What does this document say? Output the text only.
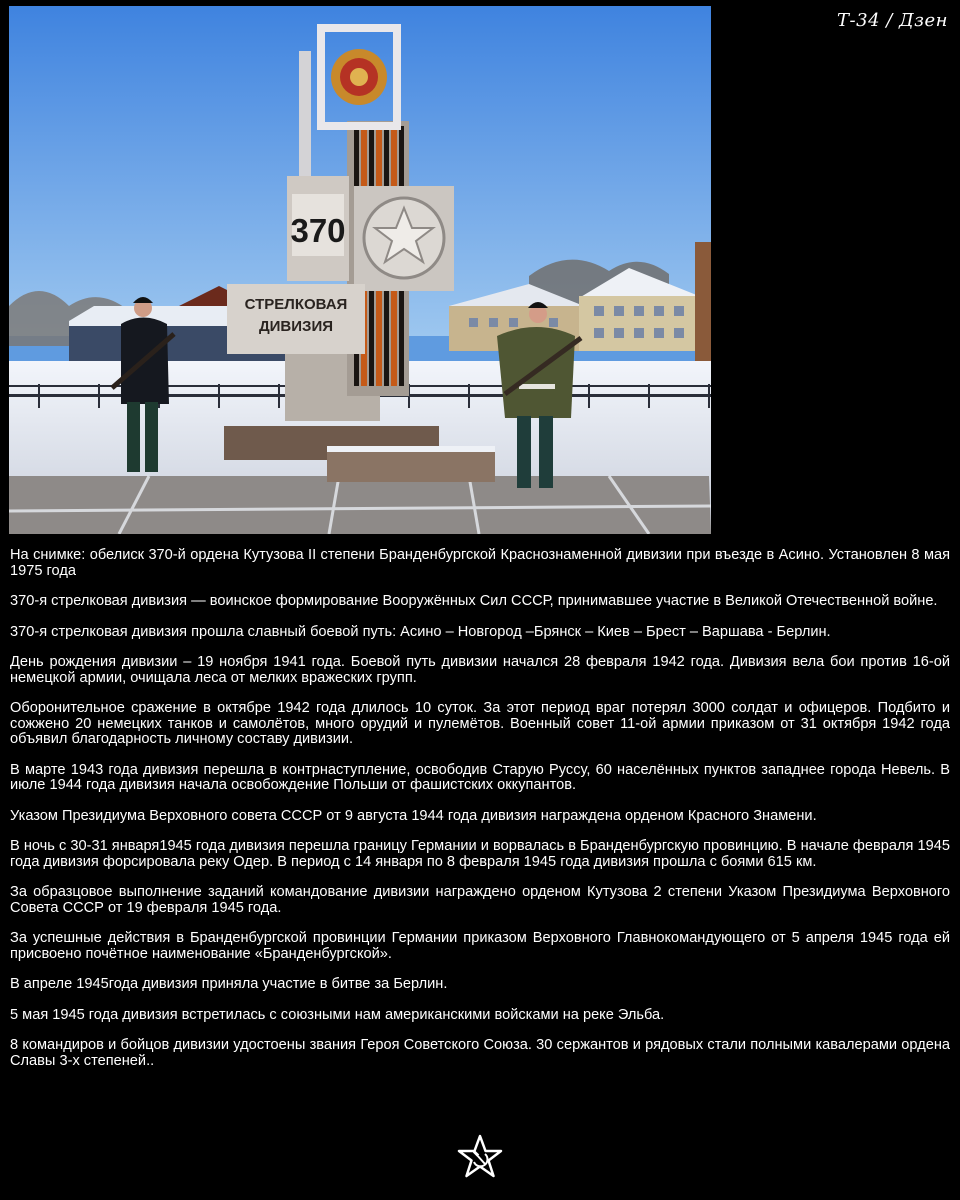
370
СТРЕЛКОВАЯ
ДИВИЗИЯ
Т-34 / Дзен

На снимке: обелиск 370-й ордена Кутузова II степени Бранденбургской Краснознаменной дивизии при въезде в Асино. Установлен 8 мая 1975 года

370-я стрелковая дивизия — воинское формирование Вооружённых Сил СССР, принимавшее участие в Великой Отечественной войне.

370-я стрелковая дивизия прошла славный боевой путь: Асино – Новгород –Брянск – Киев – Брест – Варшава - Берлин.

День рождения дивизии – 19 ноября 1941 года. Боевой путь дивизии начался 28 февраля 1942 года. Дивизия вела бои против 16-ой немецкой армии, очищала леса от мелких вражеских групп.

Оборонительное сражение в октябре 1942 года длилось 10 суток. За этот период враг потерял 3000 солдат и офицеров. Подбито и сожжено 20 немецких танков и самолётов, много орудий и пулемётов. Военный совет 11-ой армии приказом от 31 октября 1942 года объявил благодарность личному составу дивизии.

В марте 1943 года дивизия перешла в контрнаступление, освободив Старую Руссу, 60 населённых пунктов западнее города Невель. В июле 1944 года дивизия начала освобождение Польши от фашистских оккупантов.

Указом Президиума Верховного совета СССР от 9 августа 1944 года дивизия награждена орденом Красного Знамени.

В ночь с 30-31 января1945 года дивизия перешла границу Германии и ворвалась в Бранденбургскую провинцию. В начале февраля 1945 года дивизия форсировала реку Одер. В период с 14 января по 8 февраля 1945 года дивизия прошла с боями 615 км.

За образцовое выполнение заданий командование дивизии награждено орденом Кутузова 2 степени Указом Президиума Верховного Совета СССР от 19 февраля 1945 года.

За успешные действия в Бранденбургской провинции Германии приказом Верховного Главнокомандующего от 5 апреля 1945 года ей присвоено почётное наименование «Бранденбургской».

В апреле 1945года дивизия приняла участие в битве за Берлин.

5 мая 1945 года дивизия встретилась с союзными нам американскими войсками на реке Эльба.

8 командиров и бойцов дивизии удостоены звания Героя Советского Союза. 30 сержантов и рядовых стали полными кавалерами ордена Славы 3-х степеней..
